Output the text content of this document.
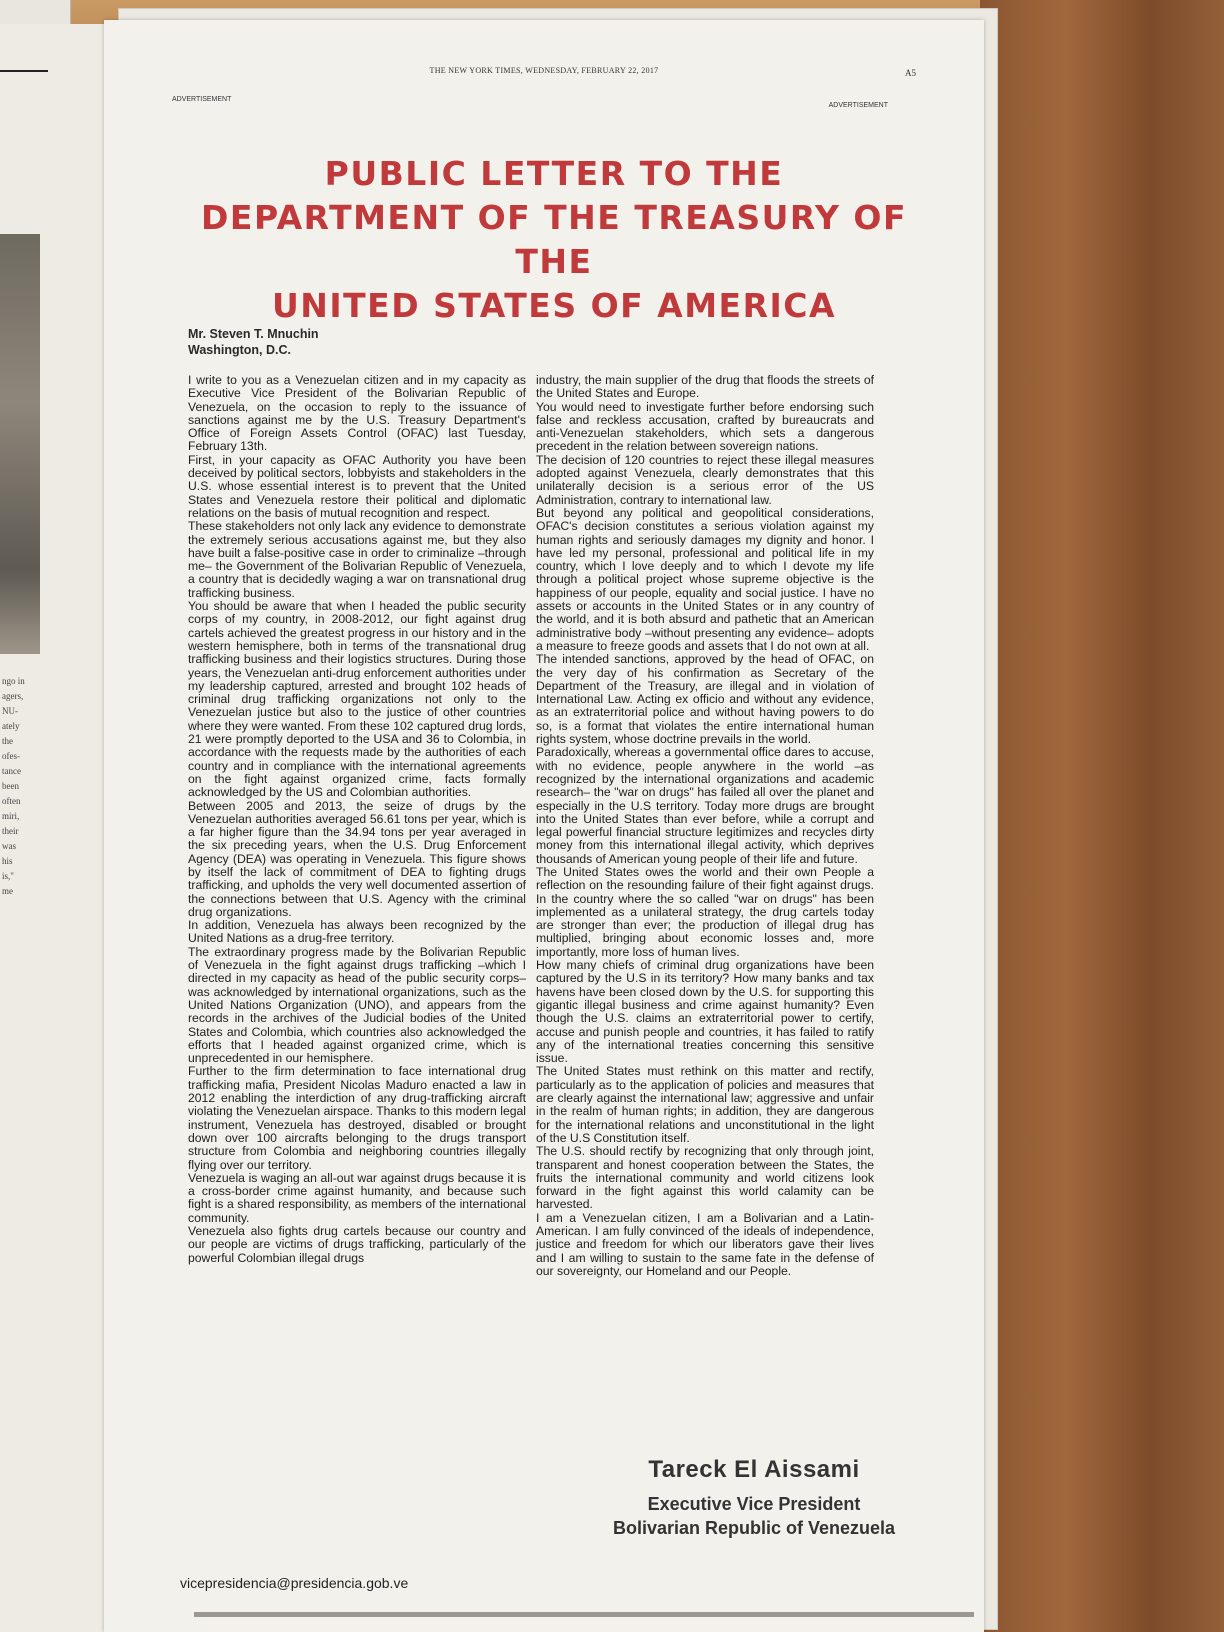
ngo in
agers,
NU-
ately
the
ofes-
tance
been
often
miri,
their
was
his
is,"
me
THE NEW YORK TIMES, WEDNESDAY, FEBRUARY 22, 2017	A5
ADVERTISEMENT
ADVERTISEMENT
PUBLIC LETTER TO THE
DEPARTMENT OF THE TREASURY OF THE
UNITED STATES OF AMERICA
Mr. Steven T. Mnuchin
Washington, D.C.

I write to you as a Venezuelan citizen and in my capacity as Executive Vice President of the Bolivarian Republic of Venezuela, on the occasion to reply to the issuance of sanctions against me by the U.S. Treasury Department's Office of Foreign Assets Control (OFAC) last Tuesday, February 13th.

First, in your capacity as OFAC Authority you have been deceived by political sectors, lobbyists and stakeholders in the U.S. whose essential interest is to prevent that the United States and Venezuela restore their political and diplomatic relations on the basis of mutual recognition and respect.

These stakeholders not only lack any evidence to demonstrate the extremely serious accusations against me, but they also have built a false-positive case in order to criminalize –through me– the Government of the Bolivarian Republic of Venezuela, a country that is decidedly waging a war on transnational drug trafficking business.

You should be aware that when I headed the public security corps of my country, in 2008-2012, our fight against drug cartels achieved the greatest progress in our history and in the western hemisphere, both in terms of the transnational drug trafficking business and their logistics structures. During those years, the Venezuelan anti-drug enforcement authorities under my leadership captured, arrested and brought 102 heads of criminal drug trafficking organizations not only to the Venezuelan justice but also to the justice of other countries where they were wanted. From these 102 captured drug lords, 21 were promptly deported to the USA and 36 to Colombia, in accordance with the requests made by the authorities of each country and in compliance with the international agreements on the fight against organized crime, facts formally acknowledged by the US and Colombian authorities.

Between 2005 and 2013, the seize of drugs by the Venezuelan authorities averaged 56.61 tons per year, which is a far higher figure than the 34.94 tons per year averaged in the six preceding years, when the U.S. Drug Enforcement Agency (DEA) was operating in Venezuela. This figure shows by itself the lack of commitment of DEA to fighting drugs trafficking, and upholds the very well documented assertion of the connections between that U.S. Agency with the criminal drug organizations.

In addition, Venezuela has always been recognized by the United Nations as a drug-free territory.

The extraordinary progress made by the Bolivarian Republic of Venezuela in the fight against drugs trafficking –which I directed in my capacity as head of the public security corps– was acknowledged by international organizations, such as the United Nations Organization (UNO), and appears from the records in the archives of the Judicial bodies of the United States and Colombia, which countries also acknowledged the efforts that I headed against organized crime, which is unprecedented in our hemisphere.

Further to the firm determination to face international drug trafficking mafia, President Nicolas Maduro enacted a law in 2012 enabling the interdiction of any drug-trafficking aircraft violating the Venezuelan airspace. Thanks to this modern legal instrument, Venezuela has destroyed, disabled or brought down over 100 aircrafts belonging to the drugs transport structure from Colombia and neighboring countries illegally flying over our territory.

Venezuela is waging an all-out war against drugs because it is a cross-border crime against humanity, and because such fight is a shared responsibility, as members of the international community.

Venezuela also fights drug cartels because our country and our people are victims of drugs trafficking, particularly of the powerful Colombian illegal drugs

industry, the main supplier of the drug that floods the streets of the United States and Europe.

You would need to investigate further before endorsing such false and reckless accusation, crafted by bureaucrats and anti-Venezuelan stakeholders, which sets a dangerous precedent in the relation between sovereign nations.

The decision of 120 countries to reject these illegal measures adopted against Venezuela, clearly demonstrates that this unilaterally decision is a serious error of the US Administration, contrary to international law.

But beyond any political and geopolitical considerations, OFAC's decision constitutes a serious violation against my human rights and seriously damages my dignity and honor. I have led my personal, professional and political life in my country, which I love deeply and to which I devote my life through a political project whose supreme objective is the happiness of our people, equality and social justice. I have no assets or accounts in the United States or in any country of the world, and it is both absurd and pathetic that an American administrative body –without presenting any evidence– adopts a measure to freeze goods and assets that I do not own at all.

The intended sanctions, approved by the head of OFAC, on the very day of his confirmation as Secretary of the Department of the Treasury, are illegal and in violation of International Law. Acting ex officio and without any evidence, as an extraterritorial police and without having powers to do so, is a format that violates the entire international human rights system, whose doctrine prevails in the world.

Paradoxically, whereas a governmental office dares to accuse, with no evidence, people anywhere in the world –as recognized by the international organizations and academic research– the "war on drugs" has failed all over the planet and especially in the U.S territory. Today more drugs are brought into the United States than ever before, while a corrupt and legal powerful financial structure legitimizes and recycles dirty money from this international illegal activity, which deprives thousands of American young people of their life and future.

The United States owes the world and their own People a reflection on the resounding failure of their fight against drugs. In the country where the so called "war on drugs" has been implemented as a unilateral strategy, the drug cartels today are stronger than ever; the production of illegal drug has multiplied, bringing about economic losses and, more importantly, more loss of human lives.

How many chiefs of criminal drug organizations have been captured by the U.S in its territory? How many banks and tax havens have been closed down by the U.S. for supporting this gigantic illegal business and crime against humanity? Even though the U.S. claims an extraterritorial power to certify, accuse and punish people and countries, it has failed to ratify any of the international treaties concerning this sensitive issue.

The United States must rethink on this matter and rectify, particularly as to the application of policies and measures that are clearly against the international law; aggressive and unfair in the realm of human rights; in addition, they are dangerous for the international relations and unconstitutional in the light of the U.S Constitution itself.

The U.S. should rectify by recognizing that only through joint, transparent and honest cooperation between the States, the fruits the international community and world citizens look forward in the fight against this world calamity can be harvested.

I am a Venezuelan citizen, I am a Bolivarian and a Latin-American. I am fully convinced of the ideals of independence, justice and freedom for which our liberators gave their lives and I am willing to sustain to the same fate in the defense of our sovereignty, our Homeland and our People.

Tareck El Aissami
Executive Vice President
Bolivarian Republic of Venezuela
vicepresidencia@presidencia.gob.ve
